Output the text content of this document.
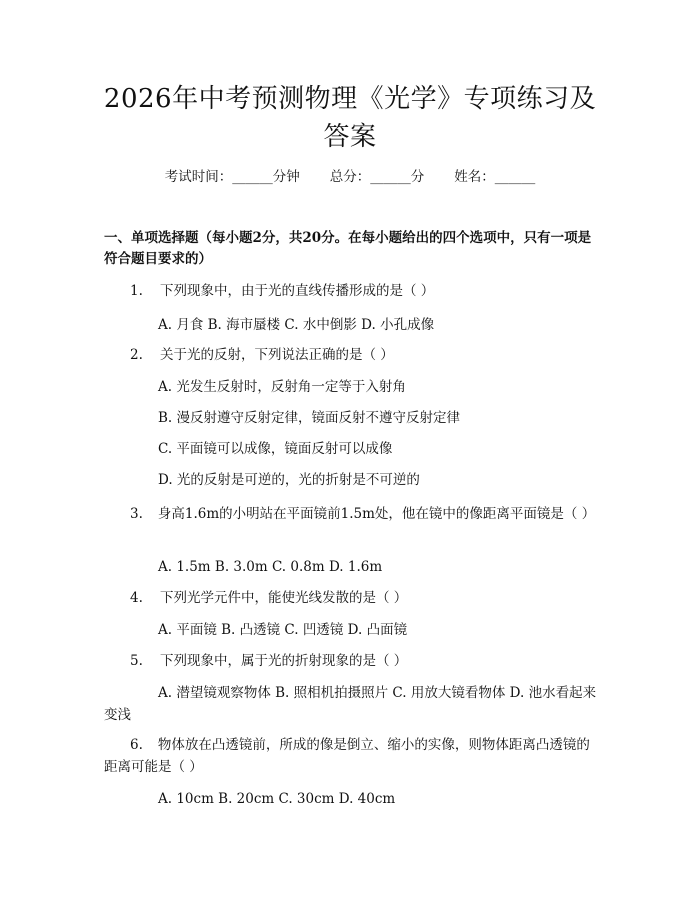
2026年中考预测物理《光学》专项练习及答案
考试时间：______分钟 总分：______分 姓名：______
一、单项选择题（每小题2分，共20分。在每小题给出的四个选项中，只有一项是符合题目要求的）
1. 下列现象中，由于光的直线传播形成的是（ ）
A. 月食 B. 海市蜃楼 C. 水中倒影 D. 小孔成像
2. 关于光的反射，下列说法正确的是（ ）
A. 光发生反射时，反射角一定等于入射角
B. 漫反射遵守反射定律，镜面反射不遵守反射定律
C. 平面镜可以成像，镜面反射可以成像
D. 光的反射是可逆的，光的折射是不可逆的
3. 身高1.6m的小明站在平面镜前1.5m处，他在镜中的像距离平面镜是（ ）
A. 1.5m B. 3.0m C. 0.8m D. 1.6m
4. 下列光学元件中，能使光线发散的是（ ）
A. 平面镜 B. 凸透镜 C. 凹透镜 D. 凸面镜
5. 下列现象中，属于光的折射现象的是（ ）
A. 潜望镜观察物体 B. 照相机拍摄照片 C. 用放大镜看物体 D. 池水看起来变浅
6. 物体放在凸透镜前，所成的像是倒立、缩小的实像，则物体距离凸透镜的距离可能是（ ）
A. 10cm B. 20cm C. 30cm D. 40cm
